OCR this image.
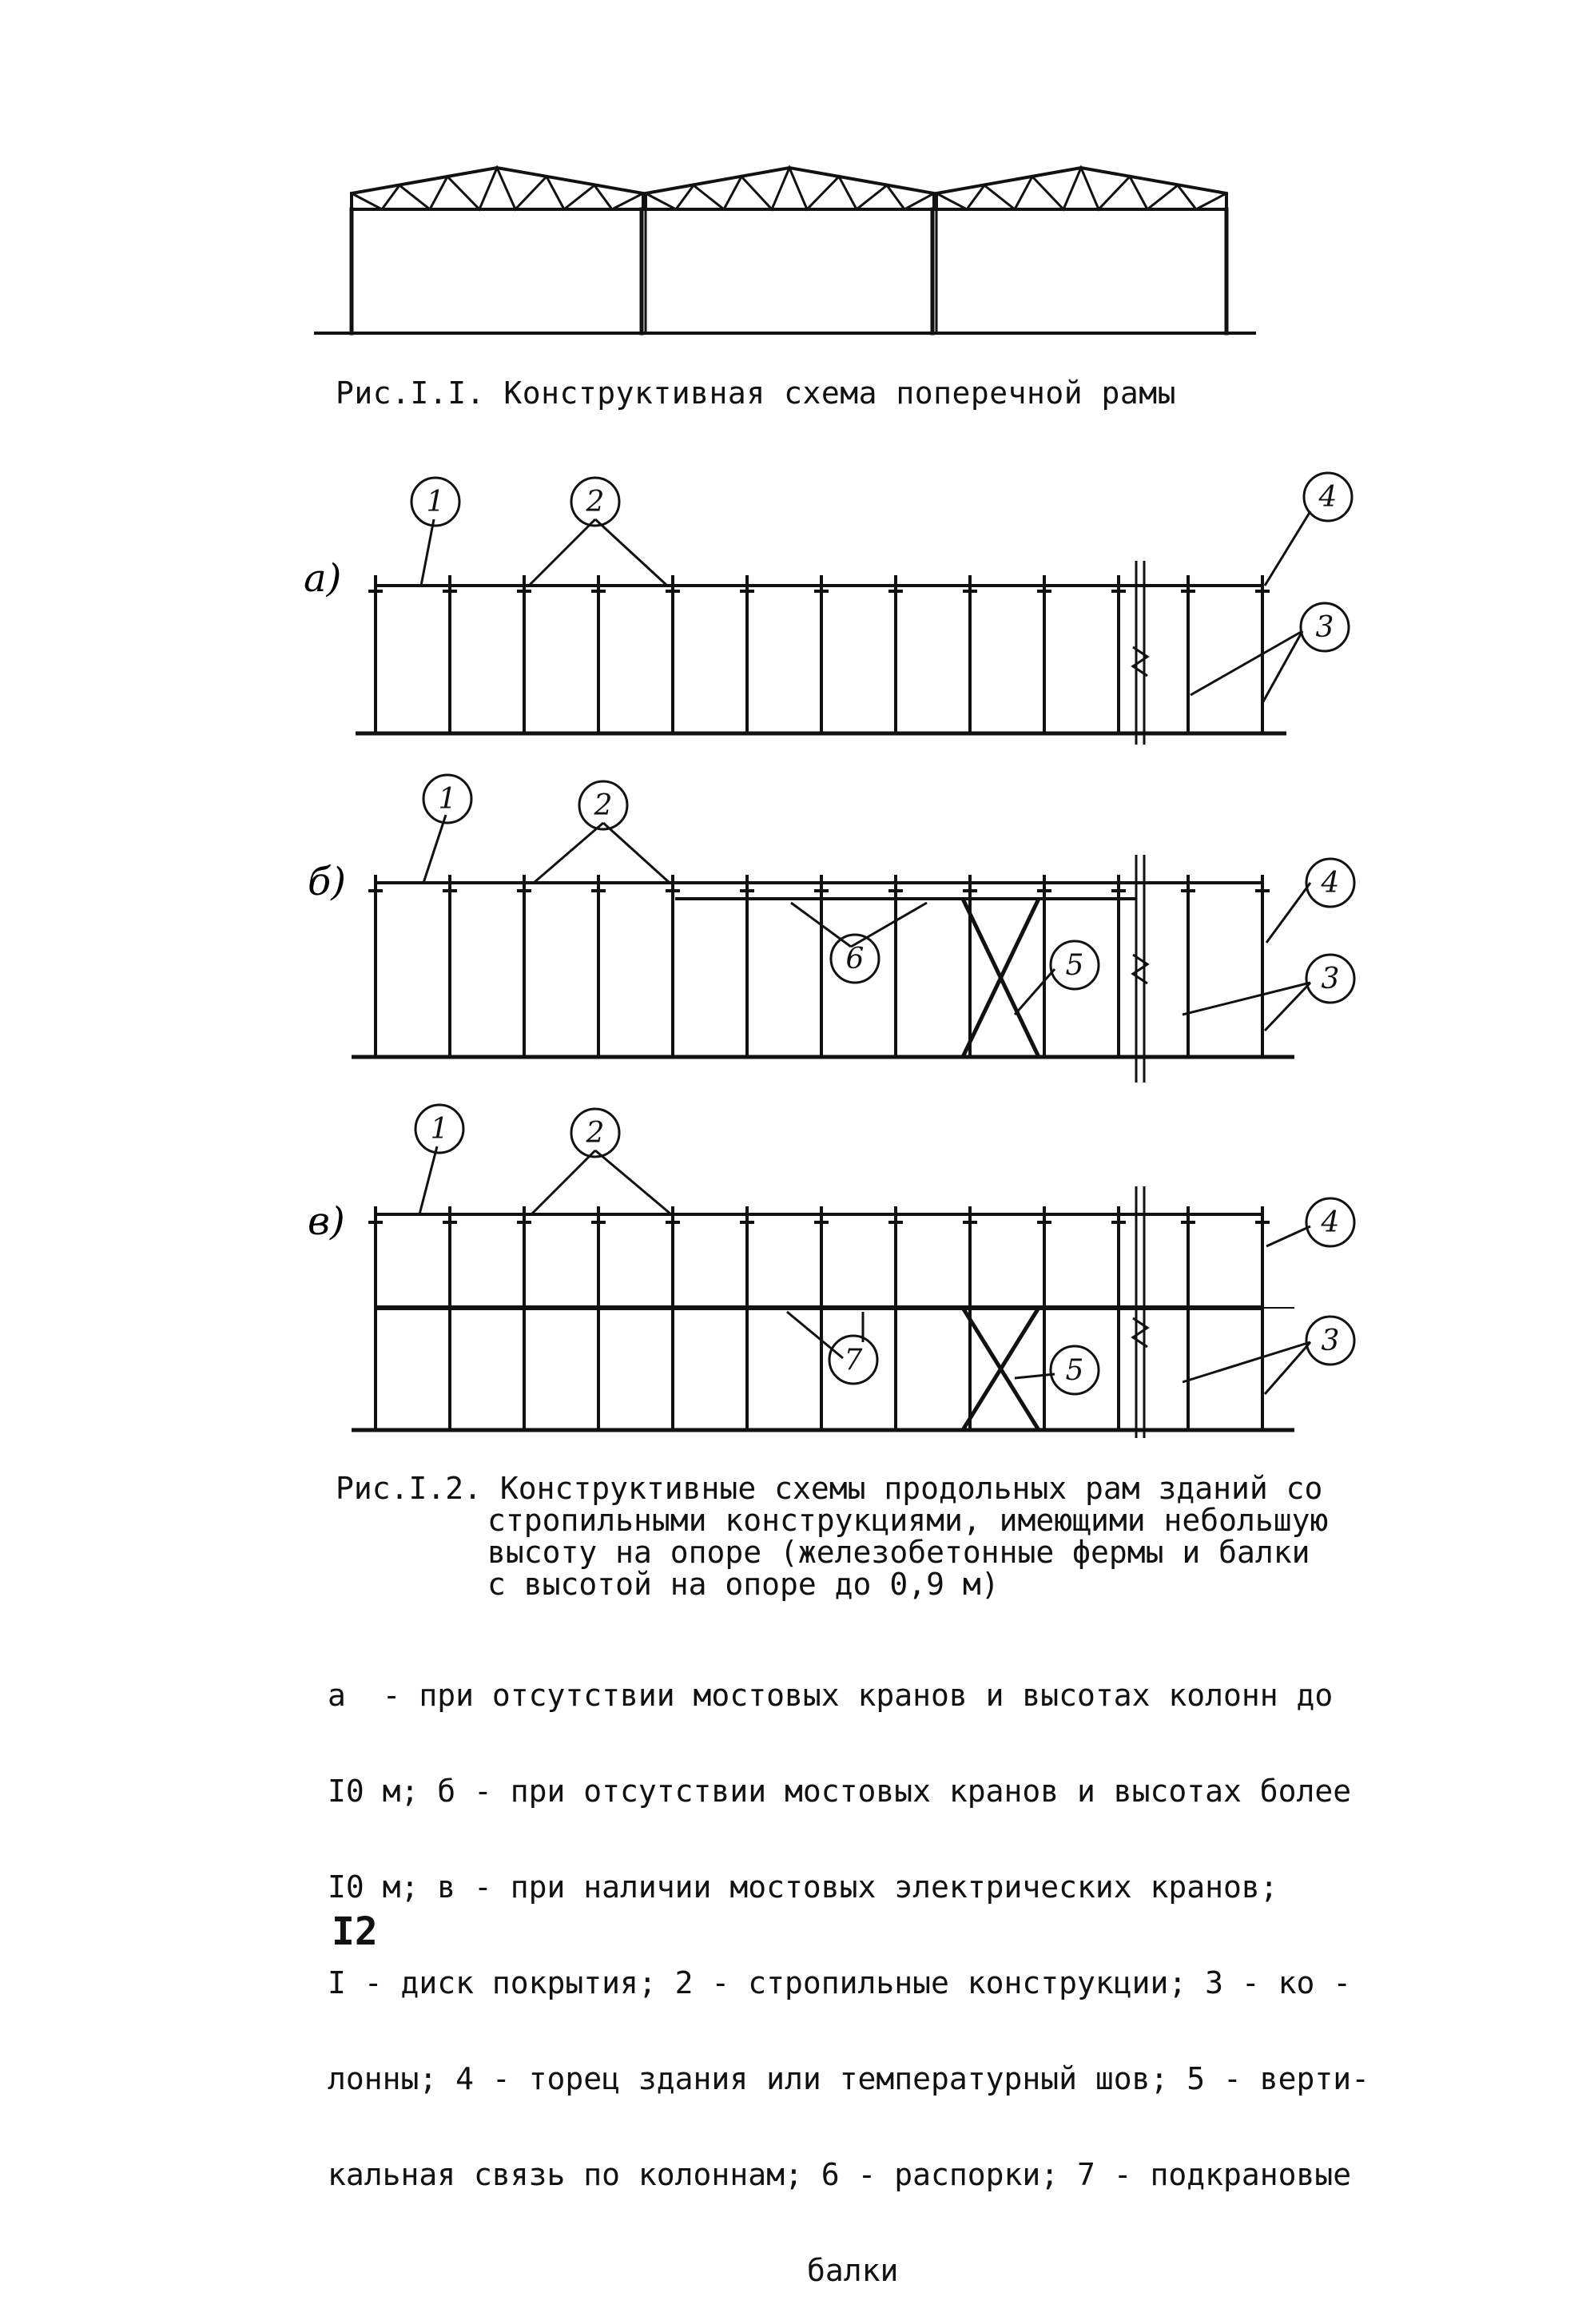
Рис.I.I. Конструктивная схема поперечной рамы
а)
1	2	4
3
б)
1	2
6	5
4
3
в)
1	2
7	5
4
3
Рис.I.2. Конструктивные схемы продольных рам зданий со
стропильными конструкциями, имеющими небольшую
высоту на опоре (железобетонные фермы и балки
с высотой на опоре до 0,9 м)

а  - при отсутствии мостовых кранов и высотах колонн до

I0 м; б - при отсутствии мостовых кранов и высотах более

I0 м; в - при наличии мостовых электрических кранов;

I - диск покрытия; 2 - стропильные конструкции; 3 - ко -

лонны; 4 - торец здания или температурный шов; 5 - верти-

кальная связь по колоннам; 6 - распорки; 7 - подкрановые

балки

I2
